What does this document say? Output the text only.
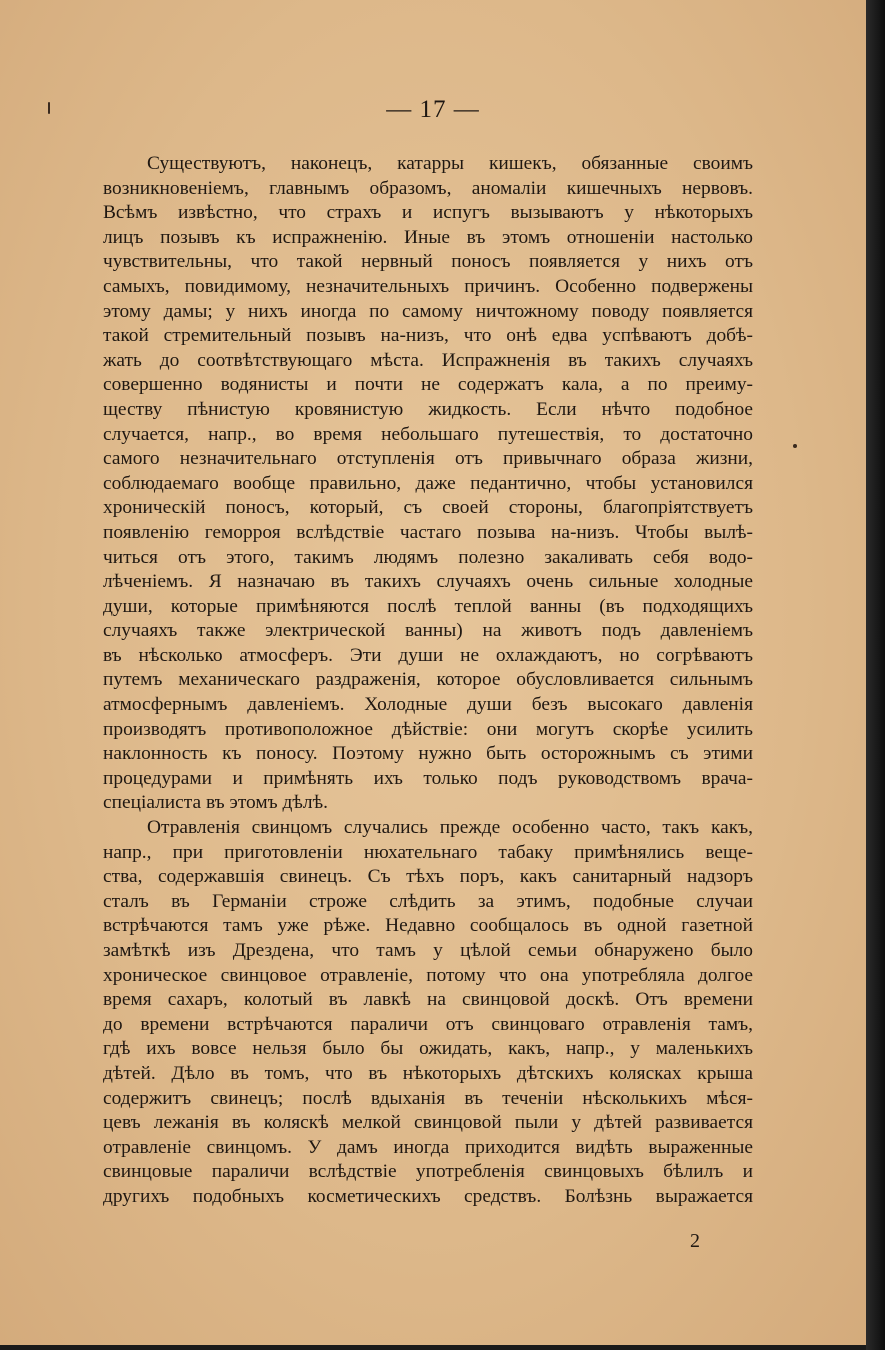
— 17 —
Существуютъ, наконецъ, катарры кишекъ, обязанные своимъ
возникновенiемъ, главнымъ образомъ, аномалiи кишечныхъ нервовъ.
Всѣмъ извѣстно, что страхъ и испугъ вызываютъ у нѣкоторыхъ
лицъ позывъ къ испражненiю. Иные въ этомъ отношенiи настолько
чувствительны, что такой нервный поносъ появляется у нихъ отъ
самыхъ, повидимому, незначительныхъ причинъ. Особенно подвержены
этому дамы; у нихъ иногда по самому ничтожному поводу появляется
такой стремительный позывъ на-низъ, что онѣ едва успѣваютъ добѣ-
жать до соотвѣтствующаго мѣста. Испражненiя въ такихъ случаяхъ
совершенно водянисты и почти не содержатъ кала, а по преиму-
ществу пѣнистую кровянистую жидкость. Если нѣчто подобное
случается, напр., во время небольшаго путешествiя, то достаточно
самого незначительнаго отступленiя отъ привычнаго образа жизни,
соблюдаемаго вообще правильно, даже педантично, чтобы установился
хроническiй поносъ, который, съ своей стороны, благопрiятствуетъ
появленiю геморроя вслѣдствiе частаго позыва на-низъ. Чтобы вылѣ-
читься отъ этого, такимъ людямъ полезно закаливать себя водо-
лѣченiемъ. Я назначаю въ такихъ случаяхъ очень сильные холодные
души, которые примѣняются послѣ теплой ванны (въ подходящихъ
случаяхъ также электрической ванны) на животъ подъ давленiемъ
въ нѣсколько атмосферъ. Эти души не охлаждаютъ, но согрѣваютъ
путемъ механическаго раздраженiя, которое обусловливается сильнымъ
атмосфернымъ давленiемъ. Холодные души безъ высокаго давленiя
производятъ противоположное дѣйствiе: они могутъ скорѣе усилить
наклонность къ поносу. Поэтому нужно быть осторожнымъ съ этими
процедурами и примѣнять ихъ только подъ руководствомъ врача-
спецiалиста въ этомъ дѣлѣ.
Отравленiя свинцомъ случались прежде особенно часто, такъ какъ,
напр., при приготовленiи нюхательнаго табаку примѣнялись веще-
ства, содержавшiя свинецъ. Съ тѣхъ поръ, какъ санитарный надзоръ
сталъ въ Германiи строже слѣдить за этимъ, подобные случаи
встрѣчаются тамъ уже рѣже. Недавно сообщалось въ одной газетной
замѣткѣ изъ Дрездена, что тамъ у цѣлой семьи обнаружено было
хроническое свинцовое отравленiе, потому что она употребляла долгое
время сахаръ, колотый въ лавкѣ на свинцовой доскѣ. Отъ времени
до времени встрѣчаются параличи отъ свинцоваго отравленiя тамъ,
гдѣ ихъ вовсе нельзя было бы ожидать, какъ, напр., у маленькихъ
дѣтей. Дѣло въ томъ, что въ нѣкоторыхъ дѣтскихъ колясках крыша
содержитъ свинецъ; послѣ вдыханiя въ теченiи нѣсколькихъ мѣся-
цевъ лежанiя въ коляскѣ мелкой свинцовой пыли у дѣтей развивается
отравленiе свинцомъ. У дамъ иногда приходится видѣть выраженные
свинцовые параличи вслѣдствiе употребленiя свинцовыхъ бѣлилъ и
другихъ подобныхъ косметическихъ средствъ. Болѣзнь выражается
2
